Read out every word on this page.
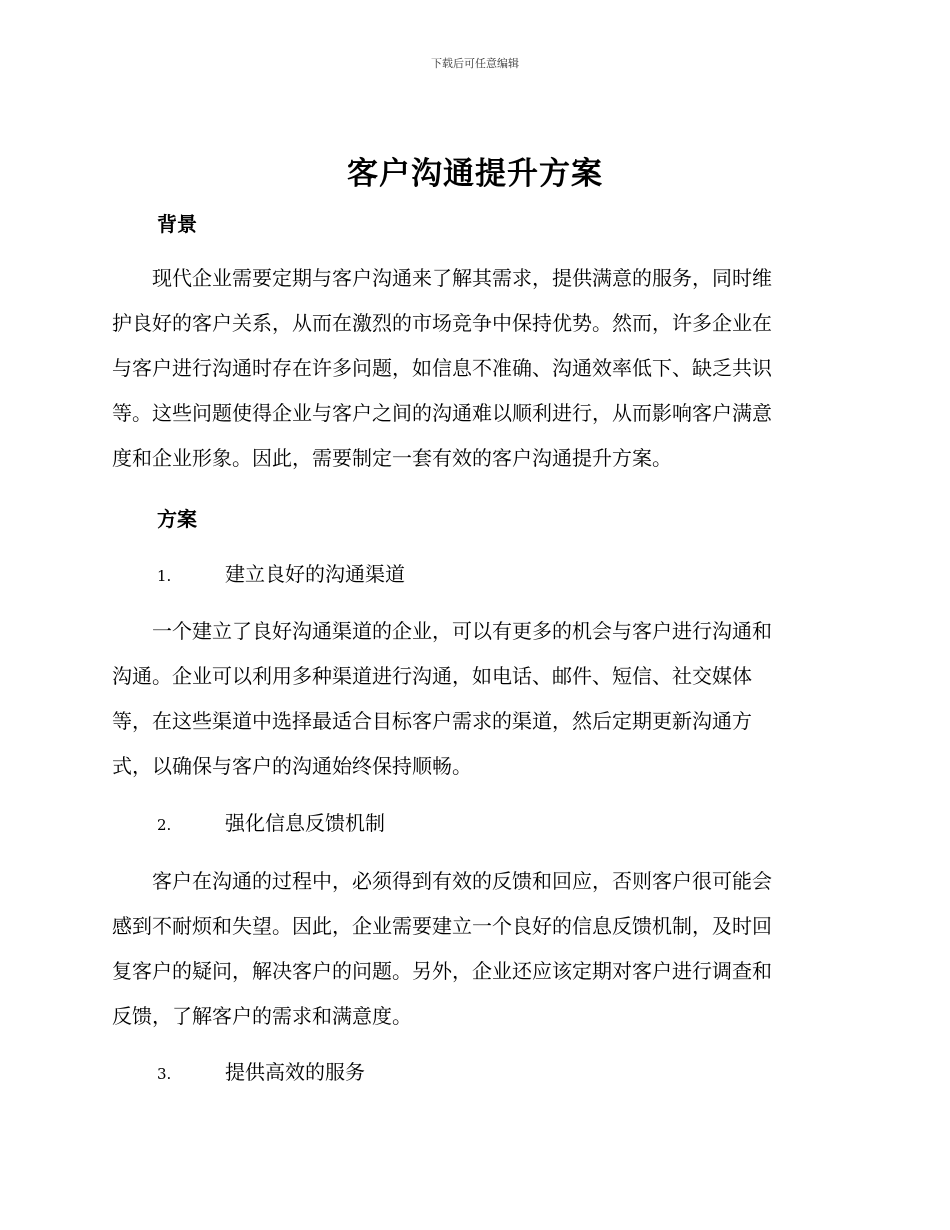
下载后可任意编辑
客户沟通提升方案
背景
　　现代企业需要定期与客户沟通来了解其需求，提供满意的服务，同时维
护良好的客户关系，从而在激烈的市场竞争中保持优势。然而，许多企业在
与客户进行沟通时存在许多问题，如信息不准确、沟通效率低下、缺乏共识
等。这些问题使得企业与客户之间的沟通难以顺利进行，从而影响客户满意
度和企业形象。因此，需要制定一套有效的客户沟通提升方案。
方案
1.	建立良好的沟通渠道
　　一个建立了良好沟通渠道的企业，可以有更多的机会与客户进行沟通和
沟通。企业可以利用多种渠道进行沟通，如电话、邮件、短信、社交媒体
等，在这些渠道中选择最适合目标客户需求的渠道，然后定期更新沟通方
式，以确保与客户的沟通始终保持顺畅。
2.	强化信息反馈机制
　　客户在沟通的过程中，必须得到有效的反馈和回应，否则客户很可能会
感到不耐烦和失望。因此，企业需要建立一个良好的信息反馈机制，及时回
复客户的疑问，解决客户的问题。另外，企业还应该定期对客户进行调查和
反馈，了解客户的需求和满意度。
3.	提供高效的服务
